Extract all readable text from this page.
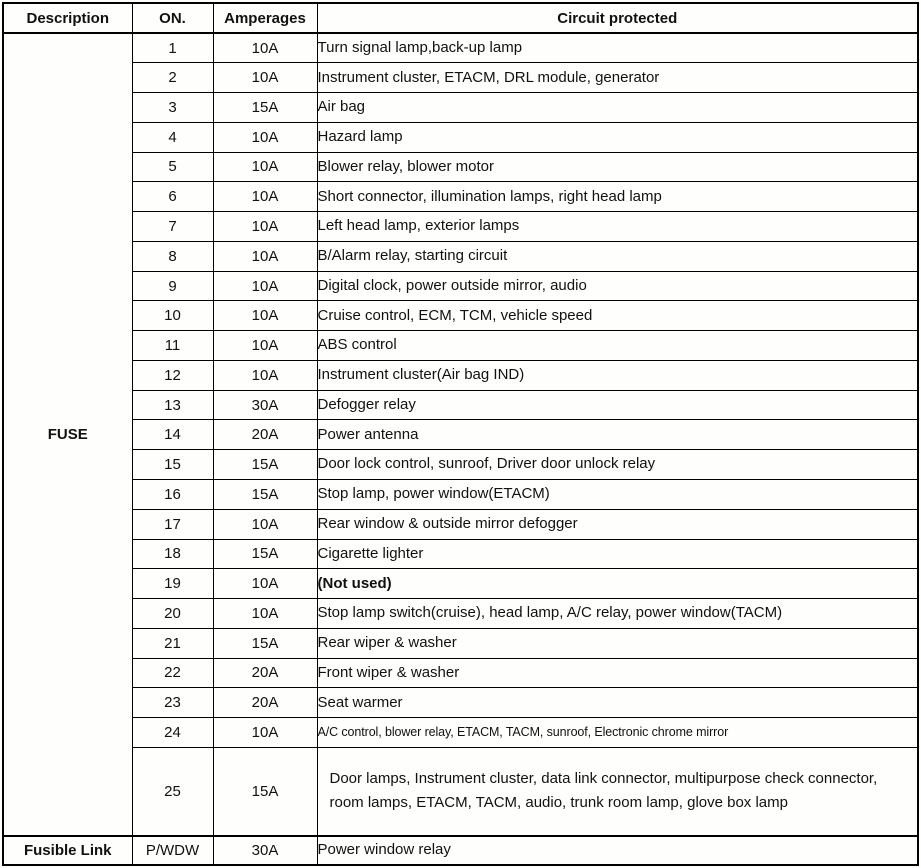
Description	ON.	Amperages	Circuit protected
FUSE	1	10A	Turn signal lamp,back-up lamp
	2	10A	Instrument cluster, ETACM, DRL module, generator
	3	15A	Air bag
	4	10A	Hazard lamp
	5	10A	Blower relay, blower motor
	6	10A	Short connector, illumination lamps, right head lamp
	7	10A	Left head lamp, exterior lamps
	8	10A	B/Alarm relay, starting circuit
	9	10A	Digital clock, power outside mirror, audio
	10	10A	Cruise control, ECM, TCM, vehicle speed
	11	10A	ABS control
	12	10A	Instrument cluster(Air bag IND)
	13	30A	Defogger relay
	14	20A	Power antenna
	15	15A	Door lock control, sunroof, Driver door unlock relay
	16	15A	Stop lamp, power window(ETACM)
	17	10A	Rear window & outside mirror defogger
	18	15A	Cigarette lighter
	19	10A	(Not used)
	20	10A	Stop lamp switch(cruise), head lamp, A/C relay, power window(TACM)
	21	15A	Rear wiper & washer
	22	20A	Front wiper & washer
	23	20A	Seat warmer
	24	10A	A/C control, blower relay, ETACM, TACM, sunroof, Electronic chrome mirror
	25	15A	Door lamps, Instrument cluster, data link connector, multipurpose check connector, room lamps, ETACM, TACM, audio, trunk room lamp, glove box lamp
Fusible Link	P/WDW	30A	Power window relay
